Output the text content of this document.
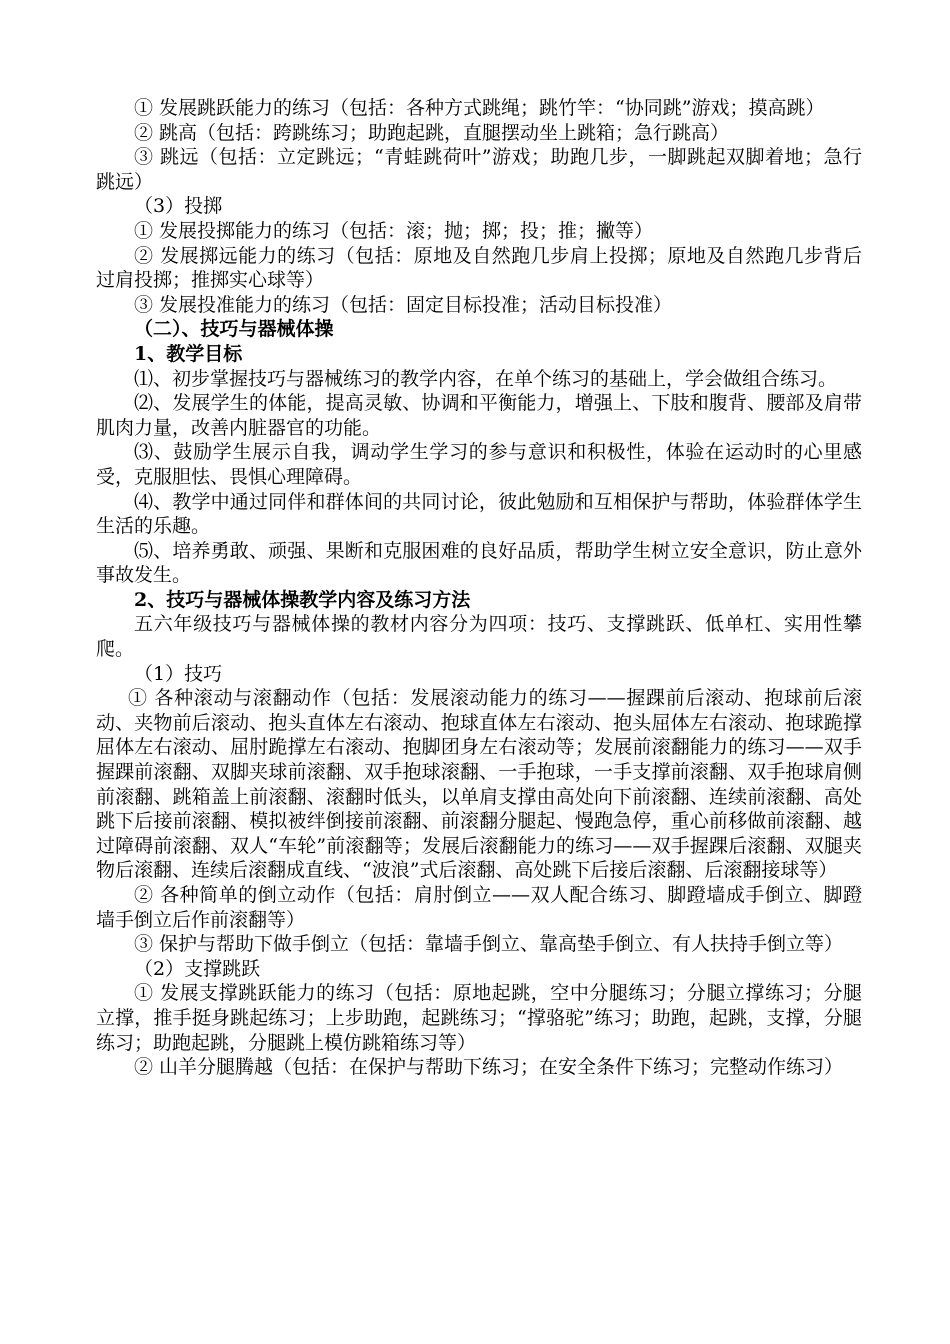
① 发展跳跃能力的练习（包括：各种方式跳绳；跳竹竿：“协同跳”游戏；摸高跳）

② 跳高（包括：跨跳练习；助跑起跳，直腿摆动坐上跳箱；急行跳高）

③ 跳远（包括：立定跳远；“青蛙跳荷叶”游戏；助跑几步，一脚跳起双脚着地；急行跳远）

（3）投掷

① 发展投掷能力的练习（包括：滚；抛；掷；投；推；撇等）

② 发展掷远能力的练习（包括：原地及自然跑几步肩上投掷；原地及自然跑几步背后过肩投掷；推掷实心球等）

③ 发展投准能力的练习（包括：固定目标投准；活动目标投准）

（二）、技巧与器械体操

1、教学目标

⑴、初步掌握技巧与器械练习的教学内容，在单个练习的基础上，学会做组合练习。

⑵、发展学生的体能，提高灵敏、协调和平衡能力，增强上、下肢和腹背、腰部及肩带肌肉力量，改善内脏器官的功能。

⑶、鼓励学生展示自我，调动学生学习的参与意识和积极性，体验在运动时的心里感受，克服胆怯、畏惧心理障碍。

⑷、教学中通过同伴和群体间的共同讨论，彼此勉励和互相保护与帮助，体验群体学生生活的乐趣。

⑸、培养勇敢、顽强、果断和克服困难的良好品质，帮助学生树立安全意识，防止意外事故发生。

2、技巧与器械体操教学内容及练习方法

五六年级技巧与器械体操的教材内容分为四项：技巧、支撑跳跃、低单杠、实用性攀爬。

（1）技巧

① 各种滚动与滚翻动作（包括：发展滚动能力的练习——握踝前后滚动、抱球前后滚动、夹物前后滚动、抱头直体左右滚动、抱球直体左右滚动、抱头屈体左右滚动、抱球跪撑屈体左右滚动、屈肘跪撑左右滚动、抱脚团身左右滚动等；发展前滚翻能力的练习——双手握踝前滚翻、双脚夹球前滚翻、双手抱球滚翻、一手抱球，一手支撑前滚翻、双手抱球肩侧前滚翻、跳箱盖上前滚翻、滚翻时低头，以单肩支撑由高处向下前滚翻、连续前滚翻、高处跳下后接前滚翻、模拟被绊倒接前滚翻、前滚翻分腿起、慢跑急停，重心前移做前滚翻、越过障碍前滚翻、双人“车轮”前滚翻等；发展后滚翻能力的练习——双手握踝后滚翻、双腿夹物后滚翻、连续后滚翻成直线、“波浪”式后滚翻、高处跳下后接后滚翻、后滚翻接球等）

② 各种简单的倒立动作（包括：肩肘倒立——双人配合练习、脚蹬墙成手倒立、脚蹬墙手倒立后作前滚翻等）

③ 保护与帮助下做手倒立（包括：靠墙手倒立、靠高垫手倒立、有人扶持手倒立等）

（2）支撑跳跃

① 发展支撑跳跃能力的练习（包括：原地起跳，空中分腿练习；分腿立撑练习；分腿立撑，推手挺身跳起练习；上步助跑，起跳练习；“撑骆驼”练习；助跑，起跳，支撑，分腿练习；助跑起跳，分腿跳上模仿跳箱练习等）

② 山羊分腿腾越（包括：在保护与帮助下练习；在安全条件下练习；完整动作练习）
